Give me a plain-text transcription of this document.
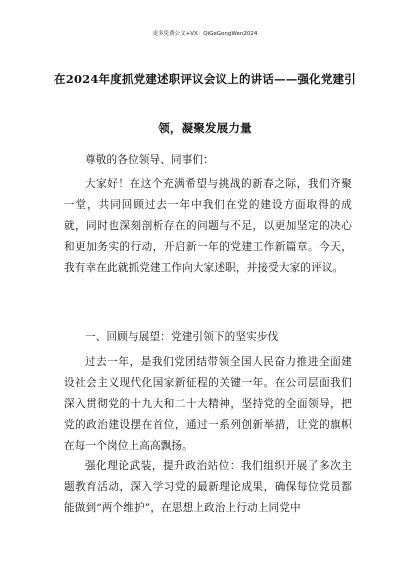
更多免费公文+VX：QiGeGongWen2024
在2024年度抓党建述职评议会议上的讲话——强化党建引
领，凝聚发展力量
尊敬的各位领导、同事们：
大家好！在这个充满希望与挑战的新春之际，我们齐聚一堂，共同回顾过去一年中我们在党的建设方面取得的成就，同时也深刻剖析存在的问题与不足，以更加坚定的决心和更加务实的行动，开启新一年的党建工作新篇章。今天，我有幸在此就抓党建工作向大家述职，并接受大家的评议。
一、回顾与展望：党建引领下的坚实步伐
过去一年，是我们党团结带领全国人民奋力推进全面建设社会主义现代化国家新征程的关键一年。在公司层面我们深入贯彻党的十九大和二十大精神，坚持党的全面领导，把党的政治建设摆在首位，通过一系列创新举措，让党的旗帜在每一个岗位上高高飘扬。
强化理论武装，提升政治站位：我们组织开展了多次主题教育活动，深入学习党的最新理论成果，确保每位党员都能做到“两个维护”，在思想上政治上行动上同党中
